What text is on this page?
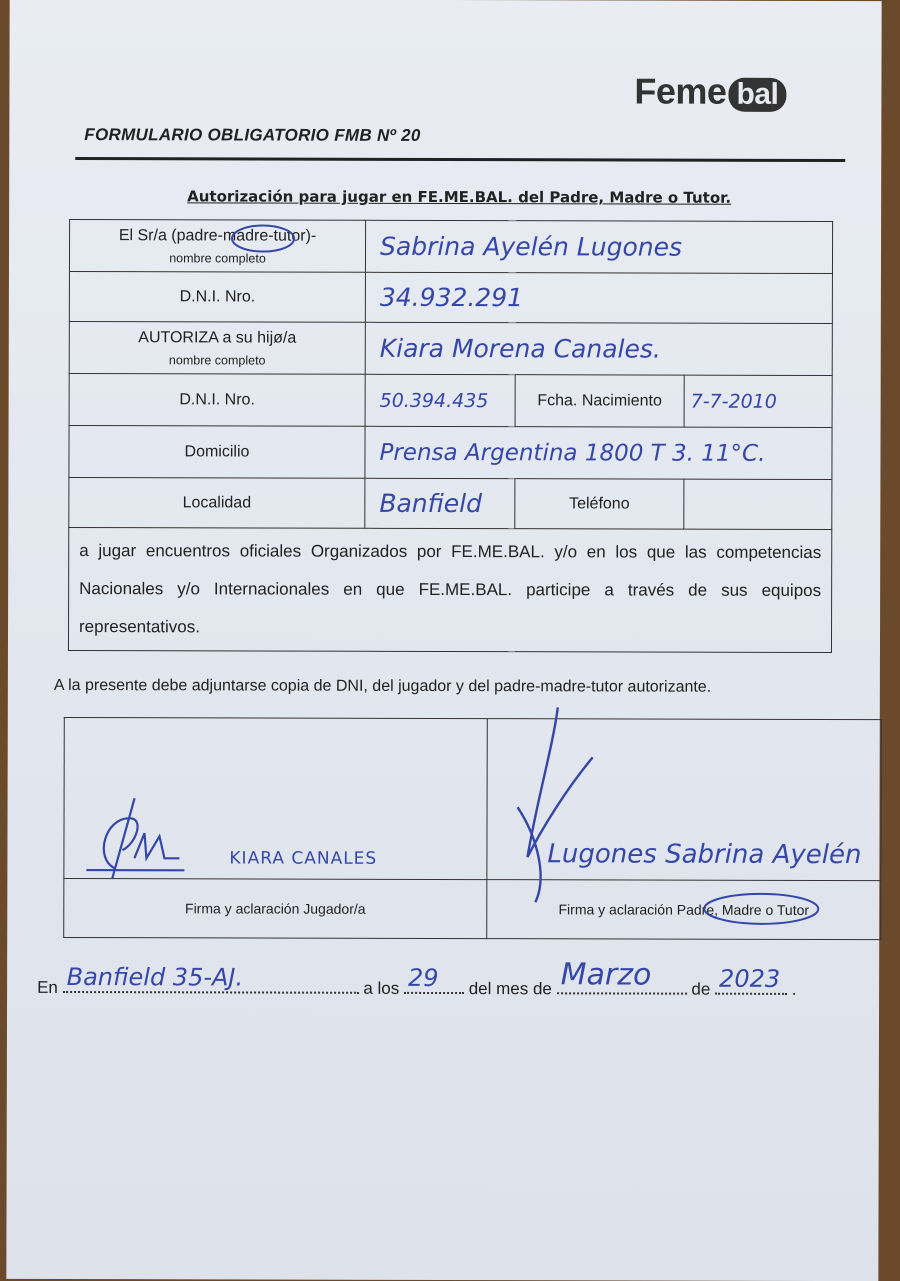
Feme bal
FORMULARIO OBLIGATORIO FMB Nº 20
Autorización para jugar en FE.ME.BAL. del Padre, Madre o Tutor.
El Sr/a (padre-madre-tutor)-
nombre completo	Sabrina Ayelén Lugones		
D.N.I. Nro.	34.932.291		
AUTORIZA a su hijø/a
nombre completo	Kiara Morena Canales.		
D.N.I. Nro.	50.394.435	Fcha. Nacimiento	7-7-2010
Domicilio	Prensa Argentina 1800 T 3. 11°C.		
Localidad	Banfield	Teléfono	
a jugar encuentros oficiales Organizados por FE.ME.BAL. y/o en los que las competencias Nacionales y/o Internacionales en que FE.ME.BAL. participe a través de sus equipos representativos.			
A la presente debe adjuntarse copia de DNI, del jugador y del padre-madre-tutor autorizante.
KIARA CANALES	Lugones Sabrina Ayelén

Firma y aclaración Jugador/a	Firma y aclaración Padre, Madre o Tutor
En Banfield 35-AJ.	a los 29 del mes de Marzo de 2023 .
